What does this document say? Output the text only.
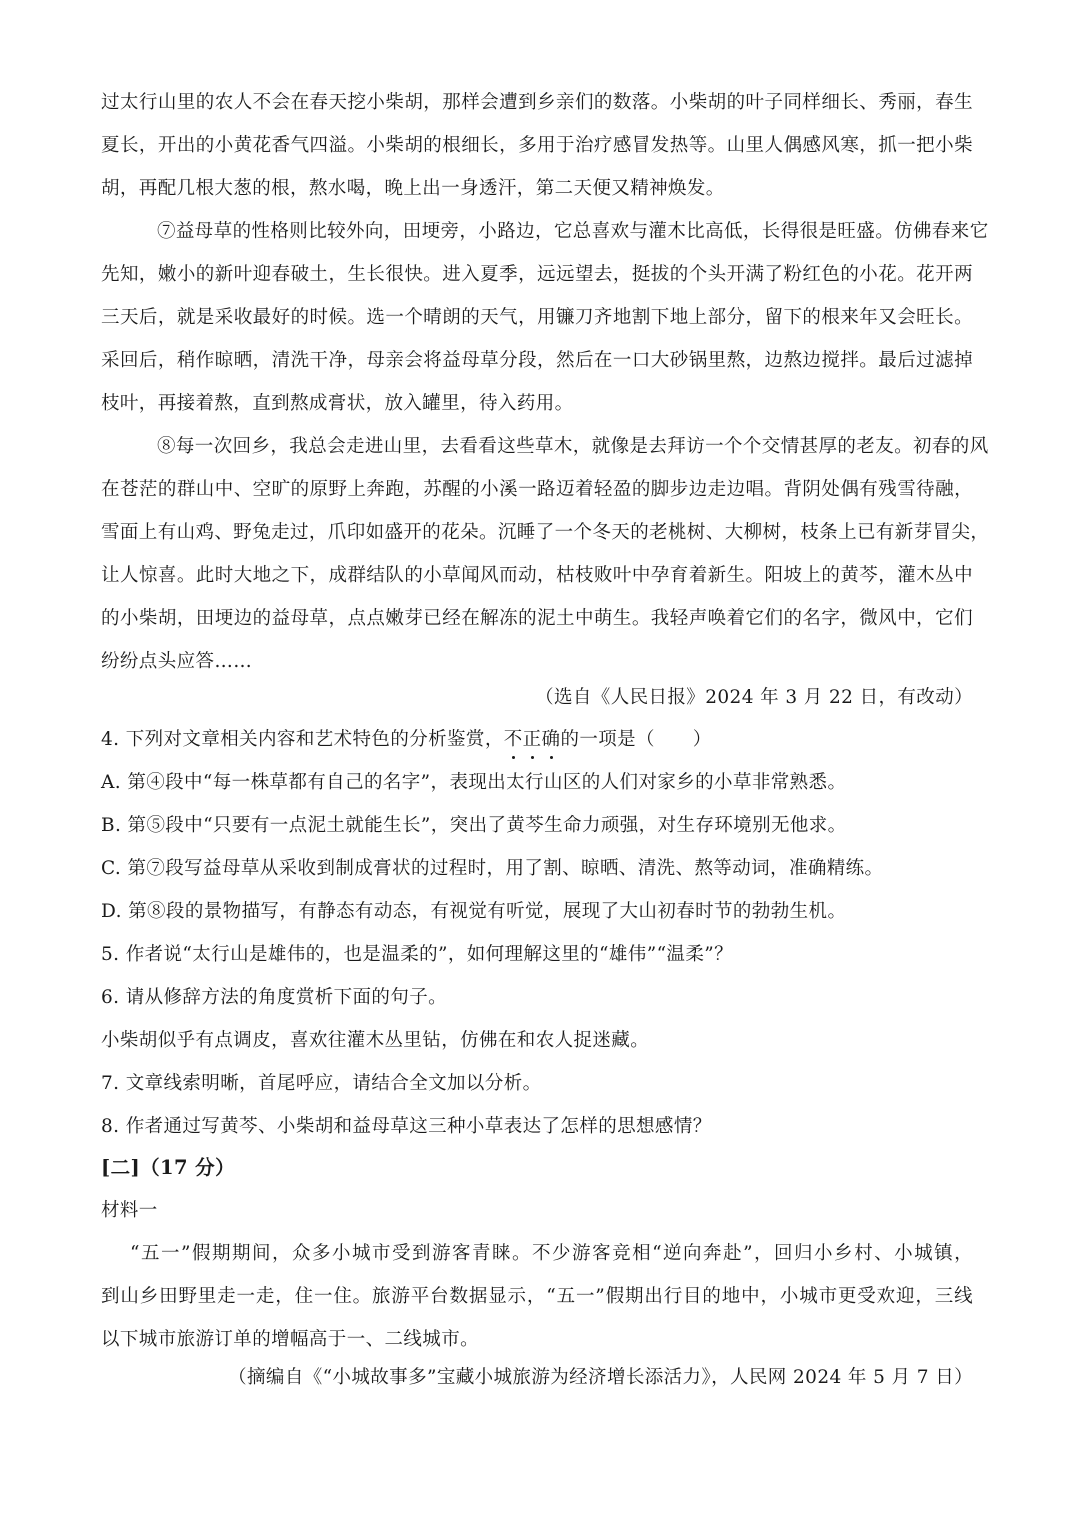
过太行山里的农人不会在春天挖小柴胡，那样会遭到乡亲们的数落。小柴胡的叶子同样细长、秀丽，春生
夏长，开出的小黄花香气四溢。小柴胡的根细长，多用于治疗感冒发热等。山里人偶感风寒，抓一把小柴
胡，再配几根大葱的根，熬水喝，晚上出一身透汗，第二天便又精神焕发。
⑦益母草的性格则比较外向，田埂旁，小路边，它总喜欢与灌木比高低，长得很是旺盛。仿佛春来它
先知，嫩小的新叶迎春破土，生长很快。进入夏季，远远望去，挺拔的个头开满了粉红色的小花。花开两
三天后，就是采收最好的时候。选一个晴朗的天气，用镰刀齐地割下地上部分，留下的根来年又会旺长。
采回后，稍作晾晒，清洗干净，母亲会将益母草分段，然后在一口大砂锅里熬，边熬边搅拌。最后过滤掉
枝叶，再接着熬，直到熬成膏状，放入罐里，待入药用。
⑧每一次回乡，我总会走进山里，去看看这些草木，就像是去拜访一个个交情甚厚的老友。初春的风
在苍茫的群山中、空旷的原野上奔跑，苏醒的小溪一路迈着轻盈的脚步边走边唱。背阴处偶有残雪待融，
雪面上有山鸡、野兔走过，爪印如盛开的花朵。沉睡了一个冬天的老桃树、大柳树，枝条上已有新芽冒尖，
让人惊喜。此时大地之下，成群结队的小草闻风而动，枯枝败叶中孕育着新生。阳坡上的黄芩，灌木丛中
的小柴胡，田埂边的益母草，点点嫩芽已经在解冻的泥土中萌生。我轻声唤着它们的名字，微风中，它们
纷纷点头应答……
（选自《人民日报》2024 年 3 月 22 日，有改动）
4. 下列对文章相关内容和艺术特色的分析鉴赏，不正确的一项是（　　）
A. 第④段中“每一株草都有自己的名字”，表现出太行山区的人们对家乡的小草非常熟悉。
B. 第⑤段中“只要有一点泥土就能生长”，突出了黄芩生命力顽强，对生存环境别无他求。
C. 第⑦段写益母草从采收到制成膏状的过程时，用了割、晾晒、清洗、熬等动词，准确精练。
D. 第⑧段的景物描写，有静态有动态，有视觉有听觉，展现了大山初春时节的勃勃生机。
5. 作者说“太行山是雄伟的，也是温柔的”，如何理解这里的“雄伟”“温柔”？
6. 请从修辞方法的角度赏析下面的句子。
小柴胡似乎有点调皮，喜欢往灌木丛里钻，仿佛在和农人捉迷藏。
7. 文章线索明晰，首尾呼应，请结合全文加以分析。
8. 作者通过写黄芩、小柴胡和益母草这三种小草表达了怎样的思想感情？
[二]（17 分）
材料一
“五一”假期期间，众多小城市受到游客青睐。不少游客竞相“逆向奔赴”，回归小乡村、小城镇，
到山乡田野里走一走，住一住。旅游平台数据显示，“五一”假期出行目的地中，小城市更受欢迎，三线
以下城市旅游订单的增幅高于一、二线城市。
（摘编自《“小城故事多”宝藏小城旅游为经济增长添活力》，人民网 2024 年 5 月 7 日）
